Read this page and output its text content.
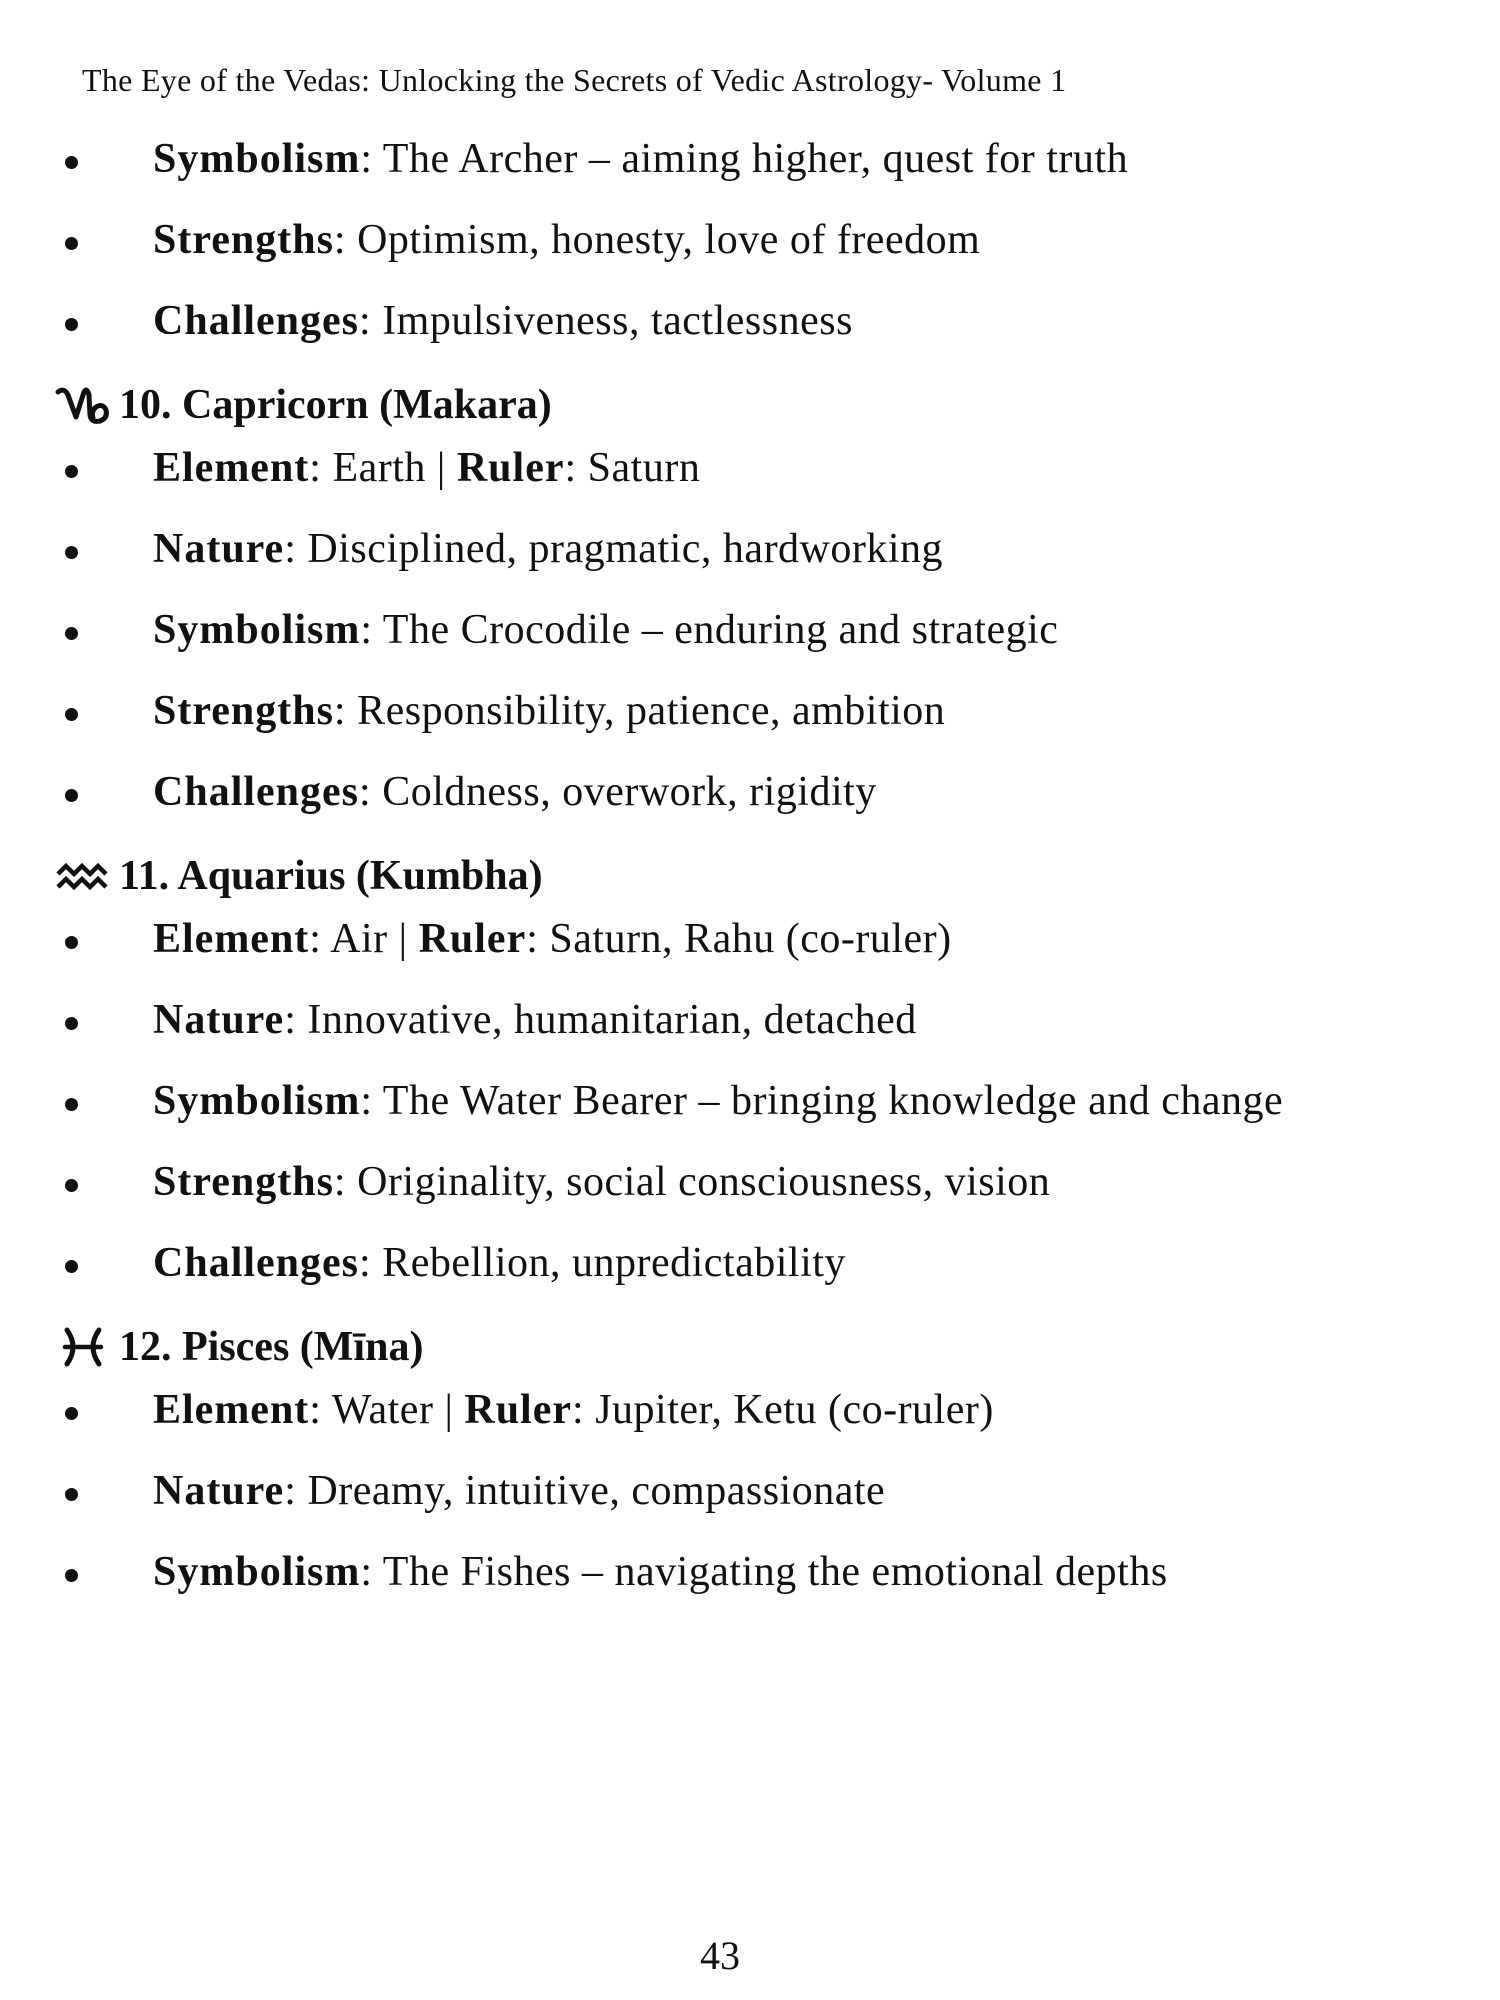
The Eye of the Vedas: Unlocking the Secrets of Vedic Astrology- Volume 1
Symbolism: The Archer – aiming higher, quest for truth
Strengths: Optimism, honesty, love of freedom
Challenges: Impulsiveness, tactlessness
10. Capricorn (Makara)
Element: Earth | Ruler: Saturn
Nature: Disciplined, pragmatic, hardworking
Symbolism: The Crocodile – enduring and strategic
Strengths: Responsibility, patience, ambition
Challenges: Coldness, overwork, rigidity
11. Aquarius (Kumbha)
Element: Air | Ruler: Saturn, Rahu (co-ruler)
Nature: Innovative, humanitarian, detached
Symbolism: The Water Bearer – bringing knowledge and change
Strengths: Originality, social consciousness, vision
Challenges: Rebellion, unpredictability
12. Pisces (Mīna)
Element: Water | Ruler: Jupiter, Ketu (co-ruler)
Nature: Dreamy, intuitive, compassionate
Symbolism: The Fishes – navigating the emotional depths
43
